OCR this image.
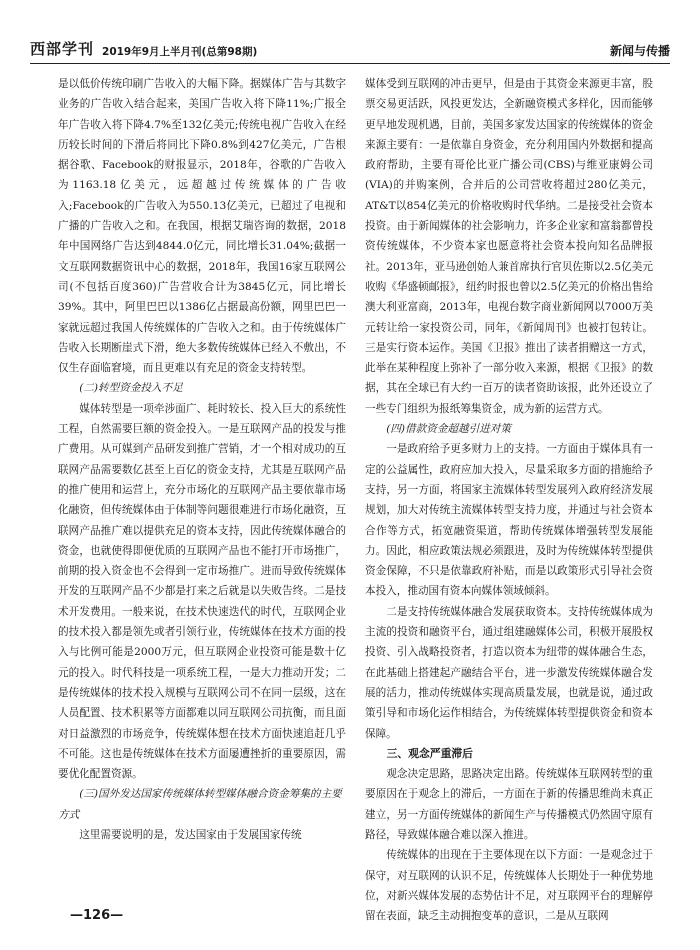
西部学刊 2019年9月上半月刊(总第98期)	新闻与传播

是以低价传统印刷广告收入的大幅下降。据媒体广告与其数字业务的广告收入结合起来，美国广告收入将下降11%;广报全年广告收入将下降4.7%至132亿美元;传统电视广告收入在经历较长时间的下滑后将同比下降0.8%到427亿美元，广告根据谷歌、Facebook的财报显示，2018年，谷歌的广告收入为1163.18亿美元，远超越过传统媒体的广告收入;Facebook的广告收入为550.13亿美元，已超过了电视和广播的广告收入之和。在我国，根据艾瑞咨询的数据，2018年中国网络广告达到4844.0亿元，同比增长31.04%;截据一文互联网数据资讯中心的数据，2018年，我国16家互联网公司(不包括百度360)广告营收合计为3845亿元，同比增长39%。其中，阿里巴巴以1386亿占据最高份额，网里巴巴一家就远超过我国人传统媒体的广告收入之和。由于传统媒体广告收入长期断崖式下滑，绝大多数传统媒体已经入不敷出，不仅生存面临窘境，而且更难以有充足的资金支持转型。

(二)转型资金投入不足

媒体转型是一项牵涉面广、耗时较长、投入巨大的系统性工程，自然需要巨额的资金投入。一是互联网产品的投发与推广费用。从可媒到产品研发到推广营销，才一个相对成功的互联网产品需要数亿甚至上百亿的资金支持，尤其是互联网产品的推广使用和运营上，充分市场化的互联网产品主要依靠市场化融资，但传统媒体由于体制等问题很难进行市场化融资，互联网产品推广难以提供充足的资本支持，因此传统媒体融合的资金，也就使得即便优质的互联网产品也不能打开市场推广，前期的投入资金也不会得到一定市场推广。进而导致传统媒体开发的互联网产品不少都是打来之后就是以失败告终。二是技术开发费用。一般来说，在技术快速迭代的时代，互联网企业的技术投入都是领先或者引领行业，传统媒体在技术方面的投入与比例可能是2000万元，但互联网企业投资可能是数十亿元的投入。时代科技是一项系统工程，一是大力推动开发；二是传统媒体的技术投入规模与互联网公司不在同一层级，这在人员配置、技术积累等方面都难以同互联网公司抗衡，而且面对日益激烈的市场竞争，传统媒体想在技术方面快速追赶几乎不可能。这也是传统媒体在技术方面屡遭挫折的重要原因，需要优化配置资源。

(三)国外发达国家传统媒体转型媒体融合资金筹集的主要方式

这里需要说明的是，发达国家由于发展国家传统

媒体受到互联网的冲击更早，但是由于其资金来源更丰富，股票交易更活跃，风投更发达，全新融资模式多样化，因而能够更早地发现机遇，目前，美国多家发达国家的传统媒体的资金来源主要有：一是依靠自身资金，充分利用国内外数据和提高政府帮助，主要有哥伦比亚广播公司(CBS)与维亚康姆公司(VIA)的并购案例，合并后的公司营收将超过280亿美元，AT&T以854亿美元的价格收购时代华纳。二是接受社会资本投资。由于新闻媒体的社会影响力，许多企业家和富翁都曾投资传统媒体，不少资本家也愿意将社会资本投向知名品牌报社。2013年，亚马逊创始人兼首席执行官贝佐斯以2.5亿美元收购《华盛顿邮报》，纽约时报也曾以2.5亿美元的价格出售给澳大利亚富商，2013年，电视台数字商业新闻网以7000万美元转让给一家投资公司，同年，《新闻周刊》也被打包转让。三是实行资本运作。美国《卫报》推出了读者捐赠这一方式，此举在某种程度上弥补了一部分收入来源，根据《卫报》的数据，其在全球已有大约一百万的读者资助该报，此外还设立了一些专门组织为报纸筹集资金，成为新的运营方式。

(四)借款资金超越引进对策

一是政府给予更多财力上的支持。一方面由于媒体具有一定的公益属性，政府应加大投入，尽量采取多方面的措施给予支持，另一方面，将国家主流媒体转型发展列入政府经济发展规划，加大对传统主流媒体转型支持力度，并通过与社会资本合作等方式，拓宽融资渠道，帮助传统媒体增强转型发展能力。因此，相应政策法规必须跟进，及时为传统媒体转型提供资金保障，不只是依靠政府补贴，而是以政策形式引导社会资本投入，推动国有资本向媒体领域倾斜。

二是支持传统媒体融合发展获取资本。支持传统媒体成为主流的投资和融资平台，通过组建融媒体公司，积极开展股权投资、引入战略投资者，打造以资本为纽带的媒体融合生态，在此基础上搭建起产融结合平台，进一步激发传统媒体融合发展的活力，推动传统媒体实现高质量发展，也就是说，通过政策引导和市场化运作相结合，为传统媒体转型提供资金和资本保障。

三、观念严重滞后

观念决定思路，思路决定出路。传统媒体互联网转型的重要原因在于观念上的滞后，一方面在于新的传播思维尚未真正建立，另一方面传统媒体的新闻生产与传播模式仍然固守原有路径，导致媒体融合难以深入推进。

传统媒体的出现在于主要体现在以下方面：一是观念过于保守，对互联网的认识不足，传统媒体人长期处于一种优势地位，对新兴媒体发展的态势估计不足，对互联网平台的理解停留在表面，缺乏主动拥抱变革的意识，二是从互联网

—126—
